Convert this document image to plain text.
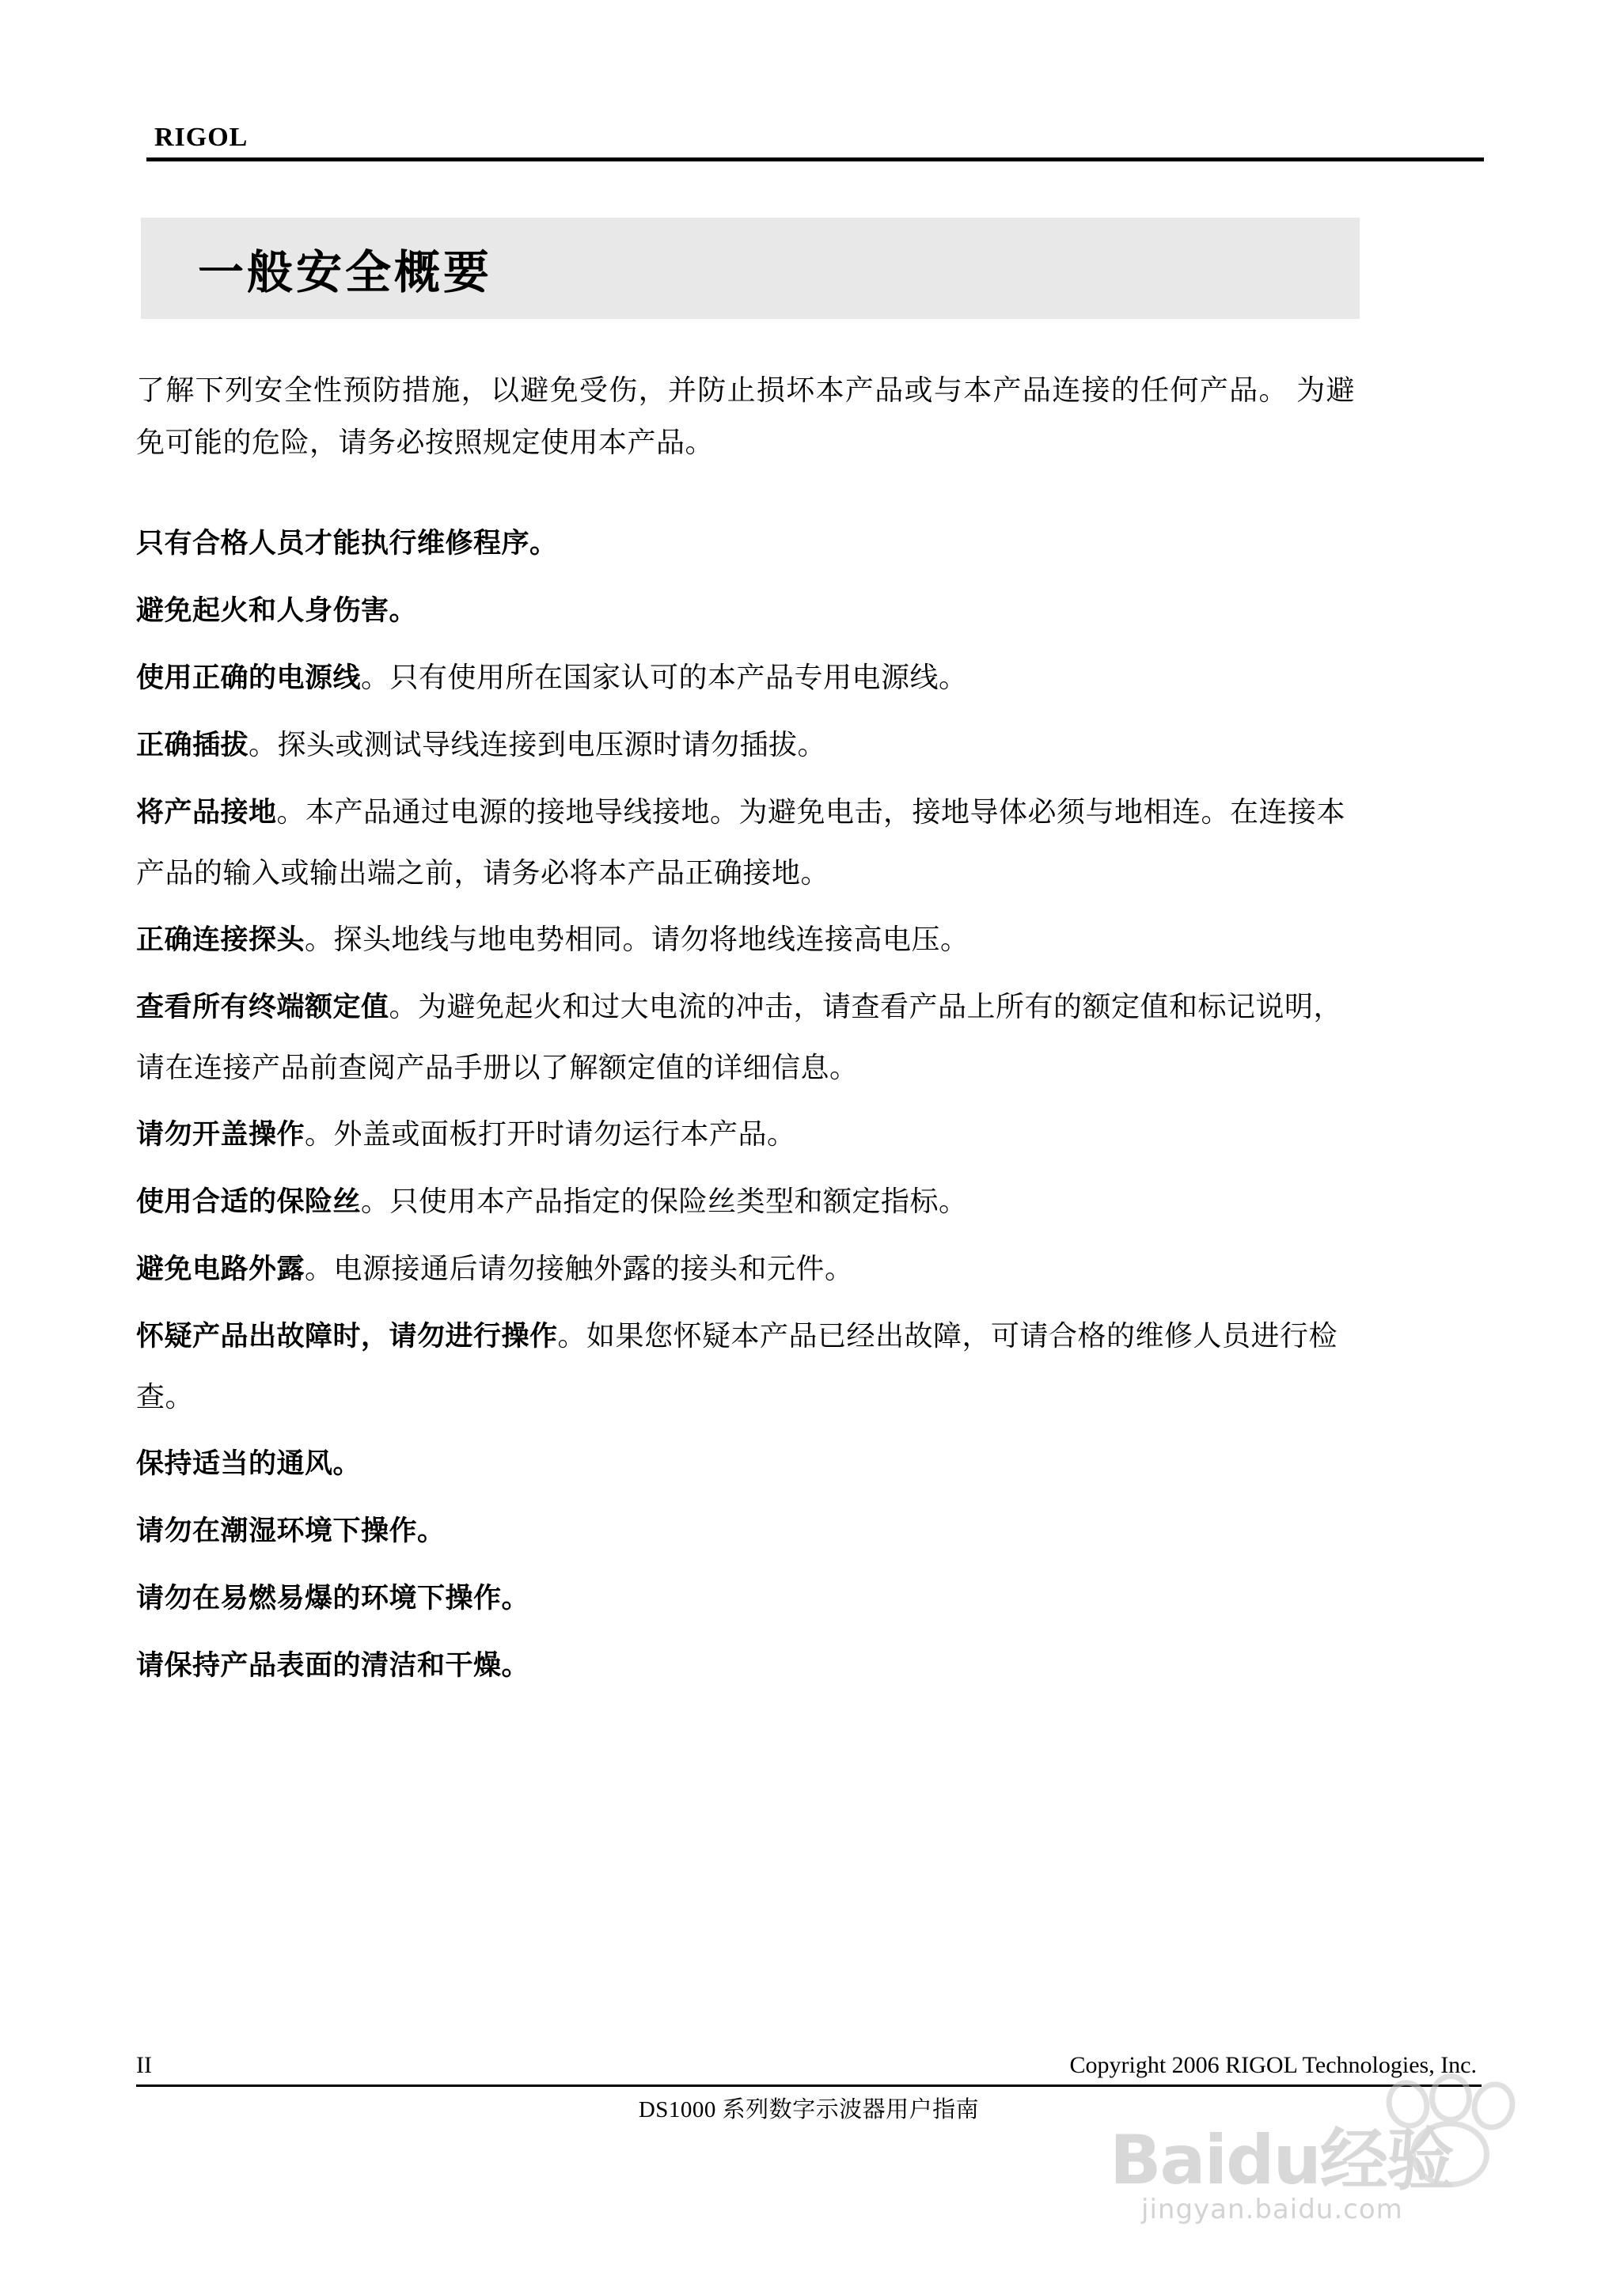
RIGOL
一般安全概要

了解下列安全性预防措施，以避免受伤，并防止损坏本产品或与本产品连接的任何产品。 为避免可能的危险，请务必按照规定使用本产品。

只有合格人员才能执行维修程序。

避免起火和人身伤害。

使用正确的电源线。只有使用所在国家认可的本产品专用电源线。

正确插拔。探头或测试导线连接到电压源时请勿插拔。

将产品接地。本产品通过电源的接地导线接地。为避免电击，接地导体必须与地相连。在连接本产品的输入或输出端之前，请务必将本产品正确接地。

正确连接探头。探头地线与地电势相同。请勿将地线连接高电压。

查看所有终端额定值。为避免起火和过大电流的冲击，请查看产品上所有的额定值和标记说明，请在连接产品前查阅产品手册以了解额定值的详细信息。

请勿开盖操作。外盖或面板打开时请勿运行本产品。

使用合适的保险丝。只使用本产品指定的保险丝类型和额定指标。

避免电路外露。电源接通后请勿接触外露的接头和元件。

怀疑产品出故障时，请勿进行操作。如果您怀疑本产品已经出故障，可请合格的维修人员进行检查。

保持适当的通风。

请勿在潮湿环境下操作。

请勿在易燃易爆的环境下操作。

请保持产品表面的清洁和干燥。

II	Copyright 2006 RIGOL Technologies, Inc.
DS1000 系列数字示波器用户指南
Baidu经验
jingyan.baidu.com
